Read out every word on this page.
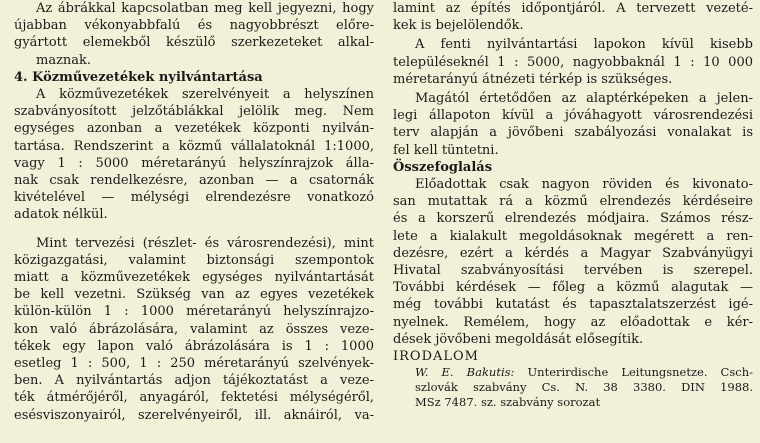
Az ábrákkal kapcsolatban meg kell jegyezni, hogy
újabban vékonyabbfalú és nagyobbrészt előre-
gyártott elemekből készülő szerkezeteket alkal-
maznak.

4. Közművezetékek nyilvántartása

A közművezetékek szerelvényeit a helyszínen
szabványosított jelzőtáblákkal jelölik meg. Nem
egységes azonban a vezetékek központi nyilván-
tartása. Rendszerint a közmű vállalatoknál 1:1000,
vagy 1 : 5000 méretarányú helyszínrajzok álla-
nak csak rendelkezésre, azonban — a csatornák
kivételével — mélységi elrendezésre vonatkozó
adatok nélkül.

Mint tervezési (részlet- és városrendezési), mint
közigazgatási, valamint biztonsági szempontok
miatt a közművezetékek egységes nyilvántartását
be kell vezetni. Szükség van az egyes vezetékek
külön-külön 1 : 1000 méretarányú helyszínrajzo-
kon való ábrázolására, valamint az összes veze-
tékek egy lapon való ábrázolására is 1 : 1000
esetleg 1 : 500, 1 : 250 méretarányú szelvények-
ben. A nyilvántartás adjon tájékoztatást a veze-
ték átmérőjéről, anyagáról, fektetési mélységéről,
esésviszonyairól, szerelvényeiről, ill. aknáiról, va-

lamint az építés időpontjáról. A tervezett vezeté-
kek is bejelölendők.

A fenti nyilvántartási lapokon kívül kisebb
településeknél 1 : 5000, nagyobbaknál 1 : 10 000
méretarányú átnézeti térkép is szükséges.

Magától értetődően az alaptérképeken a jelen-
legi állapoton kívül a jóváhagyott városrendezési
terv alapján a jövőbeni szabályozási vonalakat is
fel kell tüntetni.

Összefoglalás

Előadottak csak nagyon röviden és kivonato-
san mutattak rá a közmű elrendezés kérdéseire
és a korszerű elrendezés módjaira. Számos rész-
lete a kialakult megoldásoknak megérett a ren-
dezésre, ezért a kérdés a Magyar Szabványügyi
Hivatal szabványosítási tervében is szerepel.
További kérdések — főleg a közmű alagutak —
még további kutatást és tapasztalatszerzést igé-
nyelnek. Remélem, hogy az előadottak e kér-
dések jövőbeni megoldását elősegítik.

IRODALOM

W. E. Bakutis: Unterirdische Leitungsnetze. Csch-
szlovák szabvány Cs. N. 38 3380. DIN 1988.
MSz 7487. sz. szabvány sorozat
